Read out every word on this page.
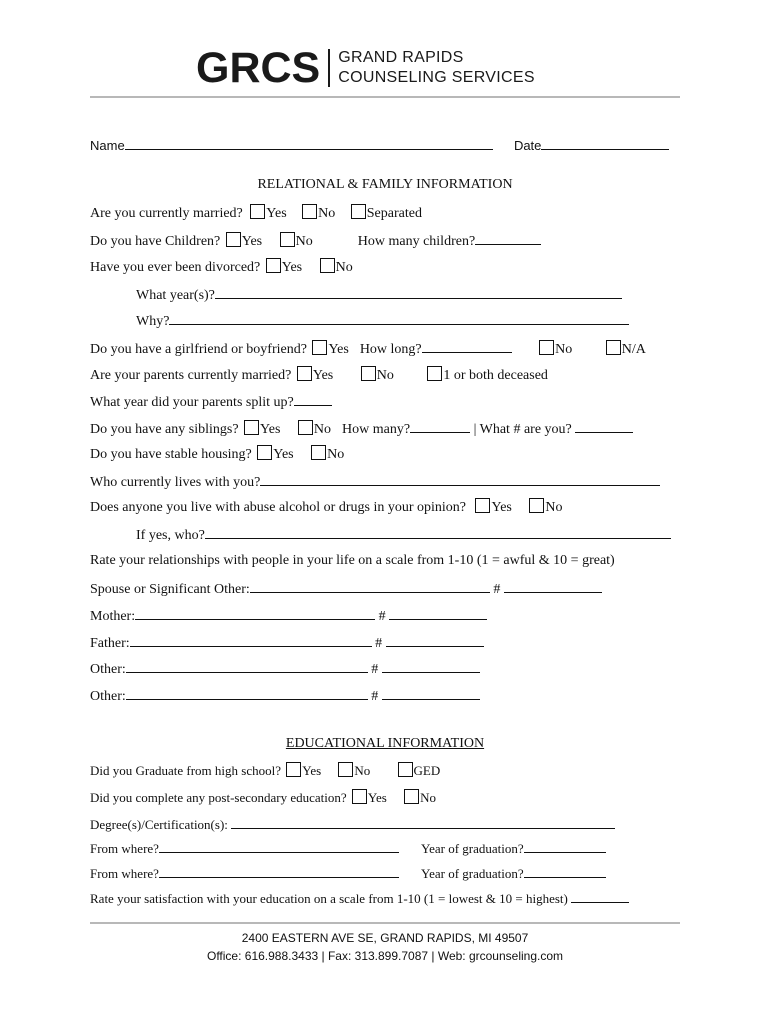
GRCS GRAND RAPIDS
COUNSELING SERVICES
Name	Date
RELATIONAL & FAMILY INFORMATION
Are you currently married? Yes No Separated
Do you have Children? Yes No	How many children?
Have you ever been divorced? Yes No
What year(s)?
Why?
Do you have a girlfriend or boyfriend? Yes How long?	No	N/A
Are your parents currently married? Yes	No	1 or both deceased
What year did your parents split up?
Do you have any siblings? Yes No How many?	| What # are you?
Do you have stable housing? Yes No
Who currently lives with you?
Does anyone you live with abuse alcohol or drugs in your opinion? Yes No
If yes, who?
Rate your relationships with people in your life on a scale from 1-10 (1 = awful & 10 = great)
Spouse or Significant Other:	#
Mother:	#
Father:	#
Other:	#
Other:	#
EDUCATIONAL INFORMATION
Did you Graduate from high school? Yes	No	GED
Did you complete any post-secondary education? Yes	No
Degree(s)/Certification(s):
From where?	Year of graduation?
From where?	Year of graduation?
Rate your satisfaction with your education on a scale from 1-10 (1 = lowest & 10 = highest)
2400 EASTERN AVE SE, GRAND RAPIDS, MI 49507
Office: 616.988.3433 | Fax: 313.899.7087 | Web: grcounseling.com
